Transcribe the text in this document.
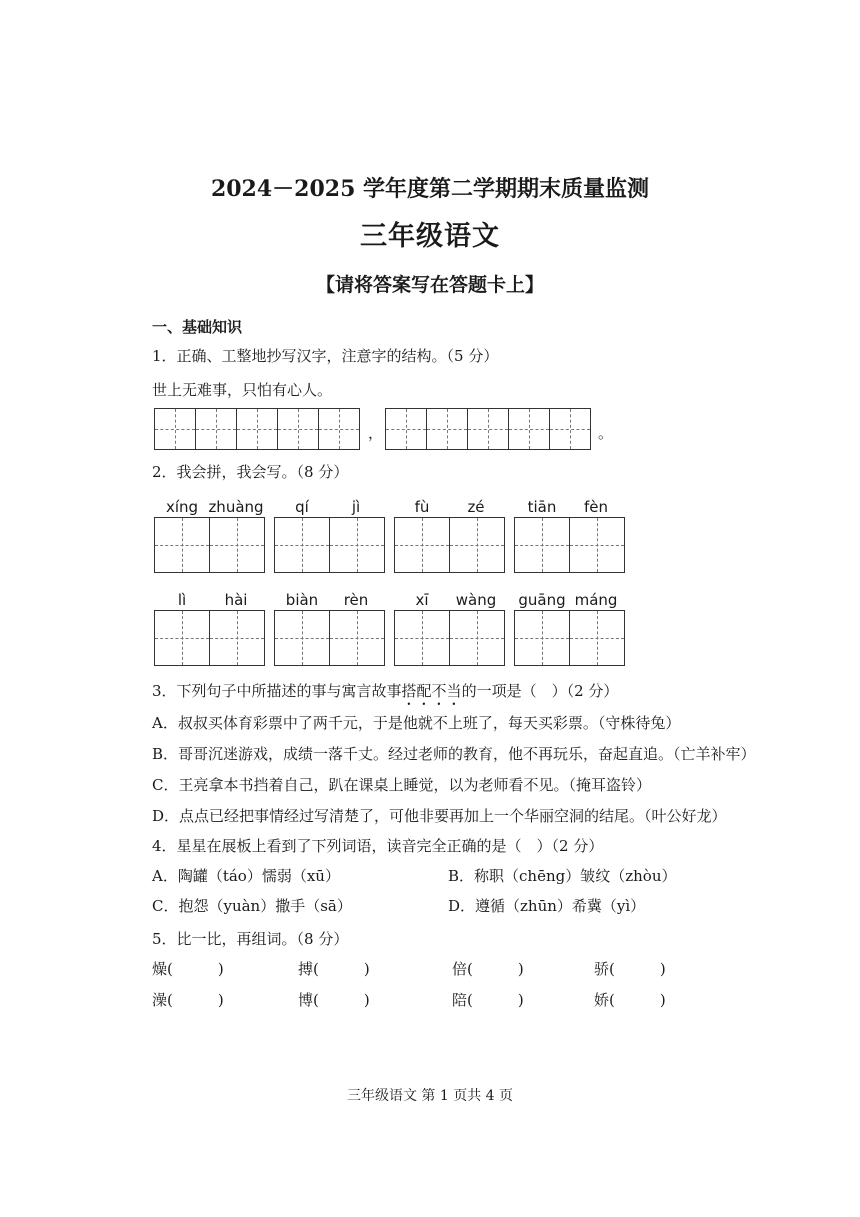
2024－2025 学年度第二学期期末质量监测
三年级语文
【请将答案写在答题卡上】
一、基础知识
1．正确、工整地抄写汉字，注意字的结构。（5 分）
世上无难事，只怕有心人。
，	。
2．我会拼，我会写。（8 分）
xíng zhuàng	qí	jì	fù	zé	tiān	fèn
lì	hài	biàn	rèn	xī	wàng	guāng máng
3．下列句子中所描述的事与寓言故事搭配不当的一项是（　）（2 分）
A．叔叔买体育彩票中了两千元，于是他就不上班了，每天买彩票。（守株待兔）
B．哥哥沉迷游戏，成绩一落千丈。经过老师的教育，他不再玩乐，奋起直追。（亡羊补牢）
C．王亮拿本书挡着自己，趴在课桌上睡觉，以为老师看不见。（掩耳盗铃）
D．点点已经把事情经过写清楚了，可他非要再加上一个华丽空洞的结尾。（叶公好龙）
4．星星在展板上看到了下列词语，读音完全正确的是（　）（2 分）
A．陶罐（táo）懦弱（xū）	B．称职（chēng）皱纹（zhòu）
C．抱怨（yuàn）撒手（sā）	D．遵循（zhūn）希冀（yì）
5．比一比，再组词。（8 分）
燥(　　　)	搏(　　　)	倍(　　　)	骄(　　　)
澡(　　　)	博(　　　)	陪(　　　)	娇(　　　)
三年级语文 第 1 页共 4 页
